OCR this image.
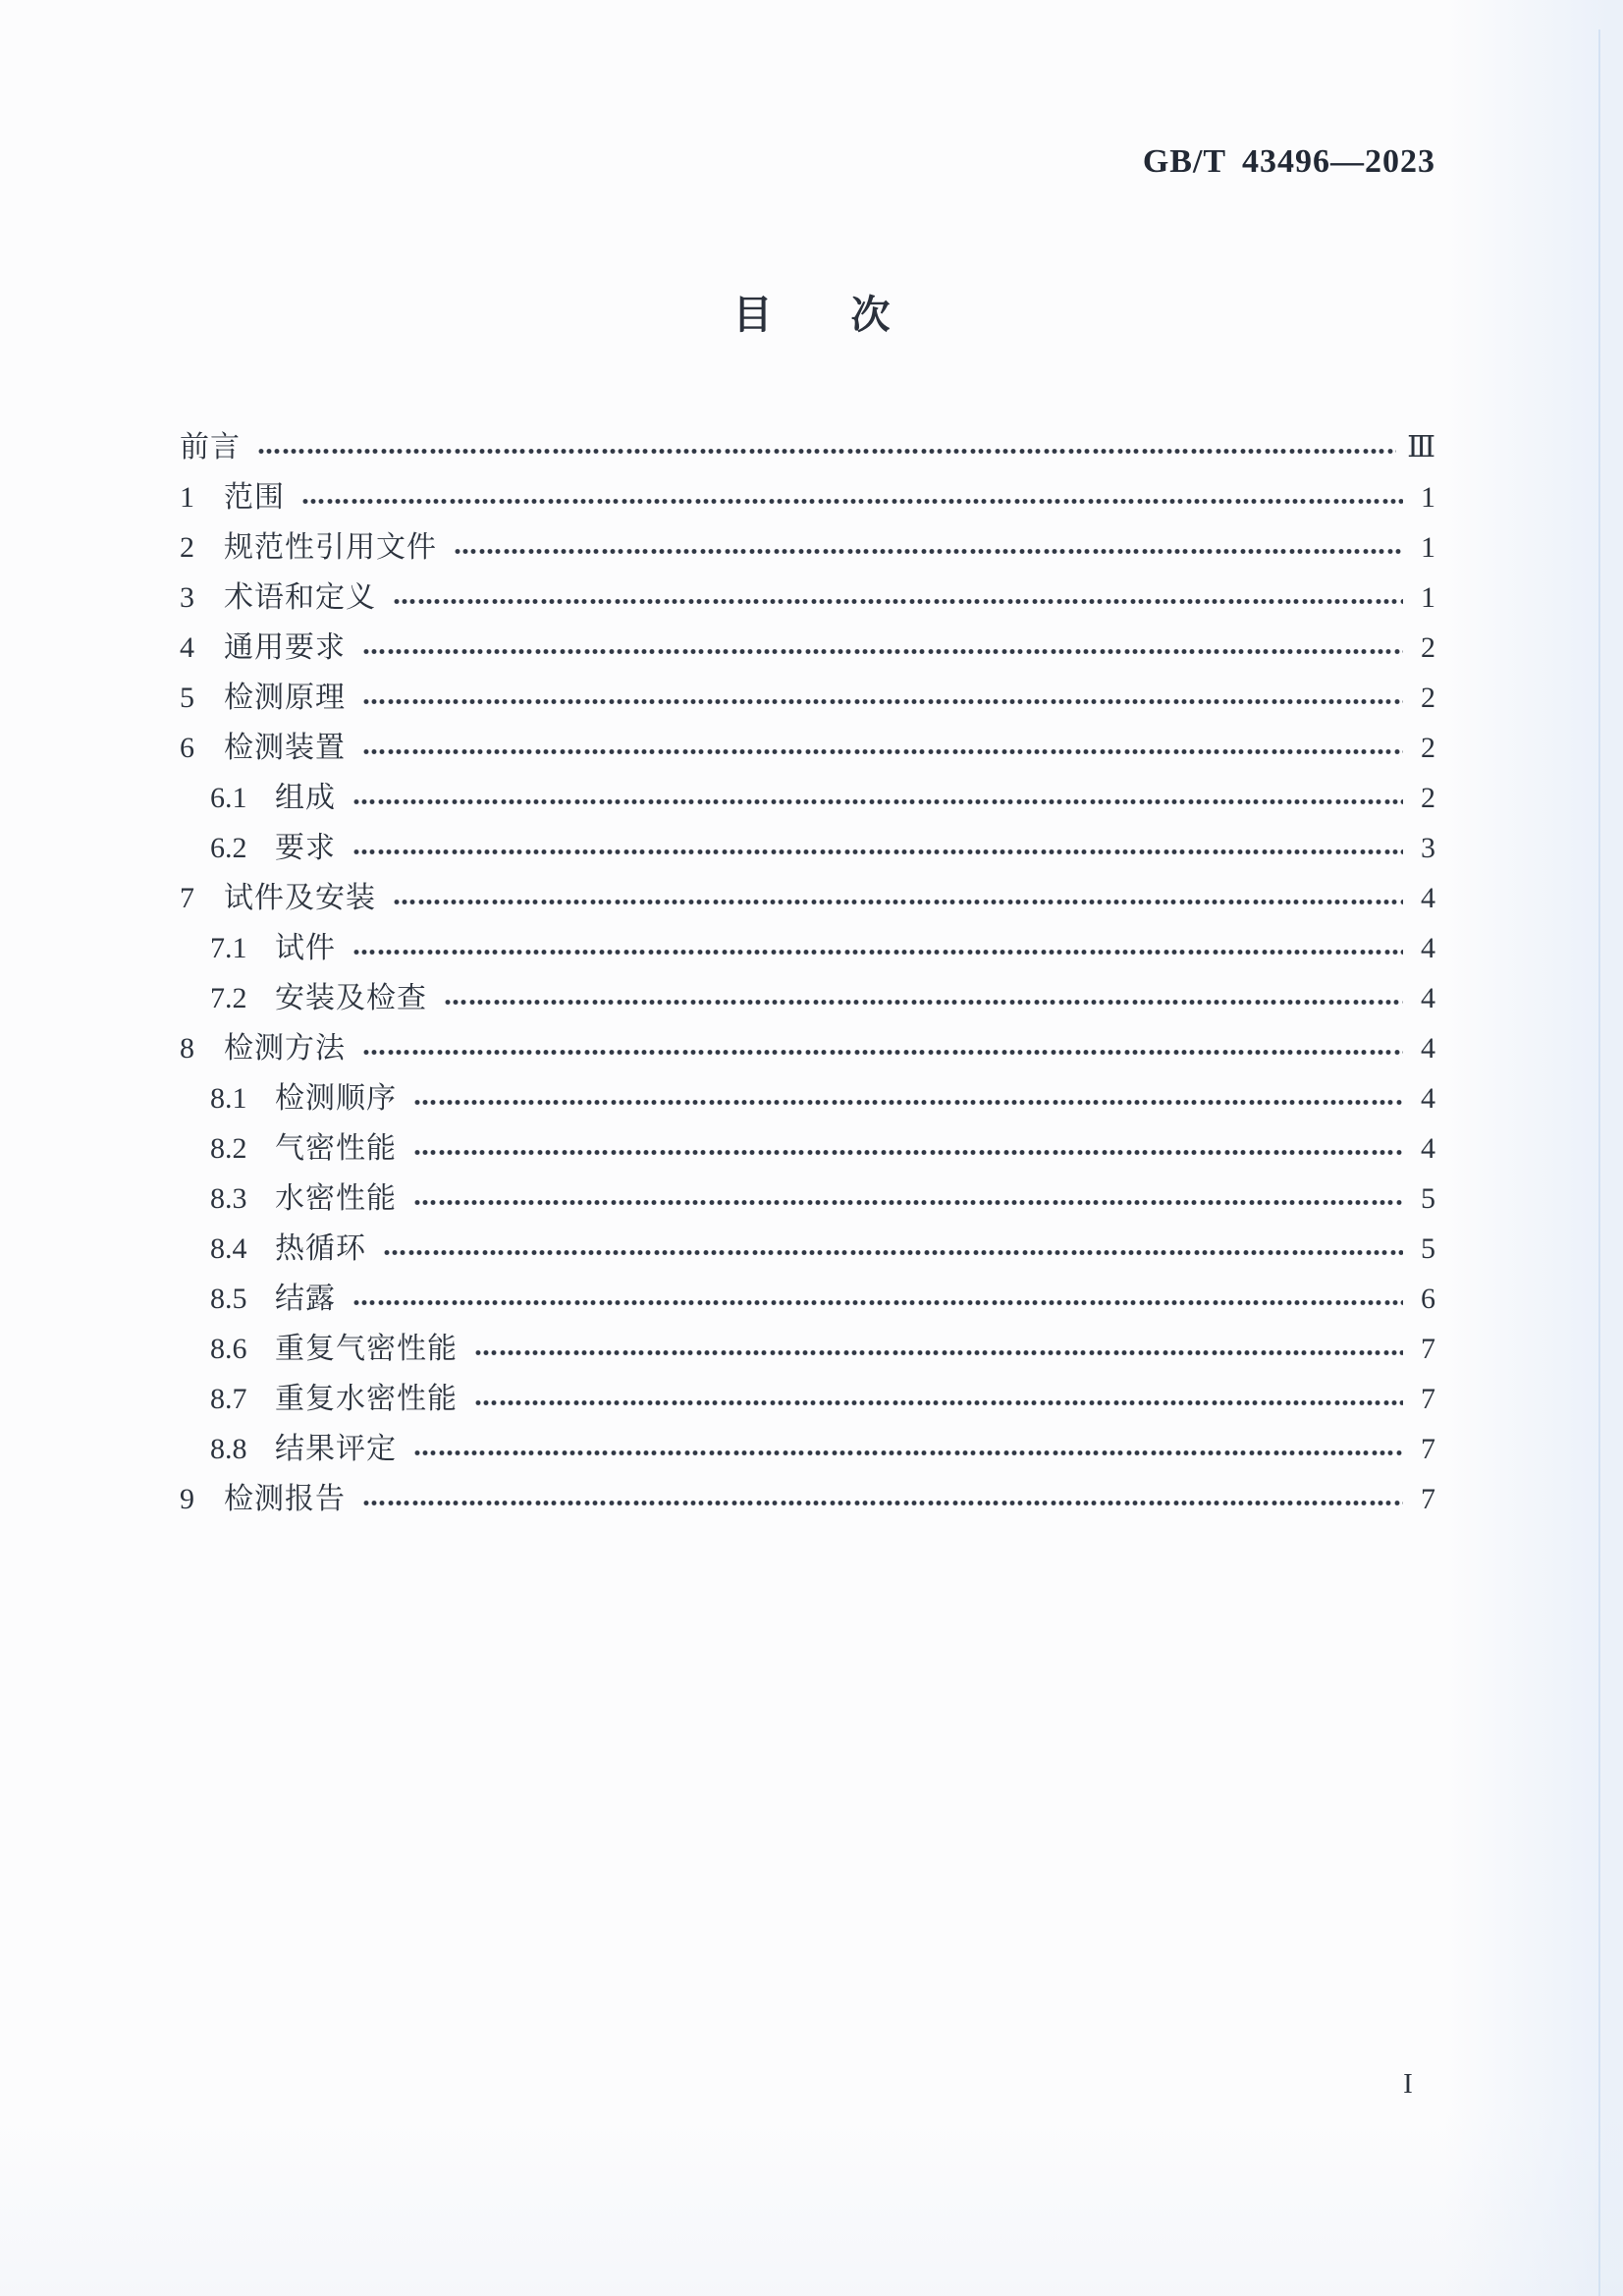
GB/T 43496—2023
目　　次
前言	Ⅲ
1	范围	1
2	规范性引用文件	1
3	术语和定义	1
4	通用要求	2
5	检测原理	2
6	检测装置	2
6.1 组成	2
6.2 要求	3
7	试件及安装	4
7.1 试件	4
7.2 安装及检查	4
8	检测方法	4
8.1 检测顺序	4
8.2 气密性能	4
8.3 水密性能	5
8.4 热循环	5
8.5 结露	6
8.6 重复气密性能	7
8.7 重复水密性能	7
8.8 结果评定	7
9	检测报告	7
I
